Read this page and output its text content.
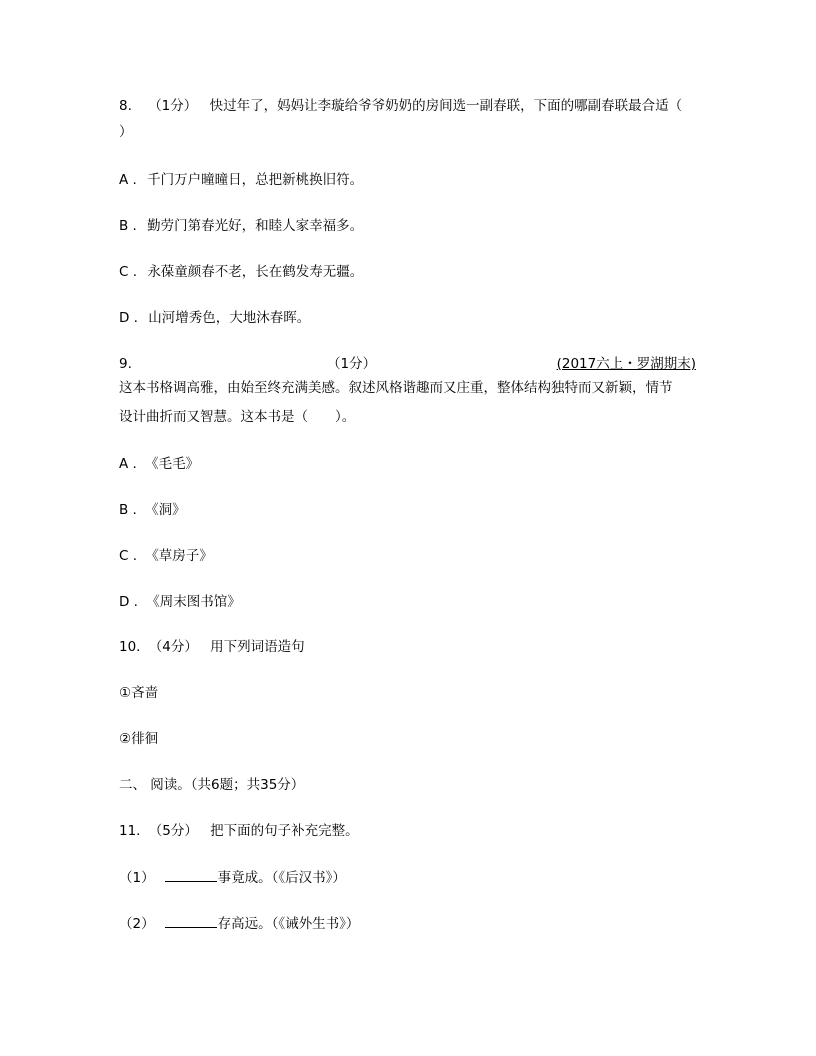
8. （1分） 快过年了，妈妈让李璇给爷爷奶奶的房间选一副春联，下面的哪副春联最合适（
）
A . 千门万户曈曈日，总把新桃换旧符。
B . 勤劳门第春光好，和睦人家幸福多。
C . 永葆童颜春不老，长在鹤发寿无疆。
D . 山河增秀色，大地沐春晖。
9.	（1分）	(2017六上・罗湖期末)
这本书格调高雅，由始至终充满美感。叙述风格谐趣而又庄重，整体结构独特而又新颖，情节
设计曲折而又智慧。这本书是（　　）。
A . 《毛毛》
B . 《洞》
C . 《草房子》
D . 《周末图书馆》
10. （4分） 用下列词语造句
①吝啬
②徘徊
二、 阅读。（共6题；共35分）
11. （5分） 把下面的句子补充完整。
（1）	事竟成。（《后汉书》）
（2）	存高远。（《诫外生书》）
